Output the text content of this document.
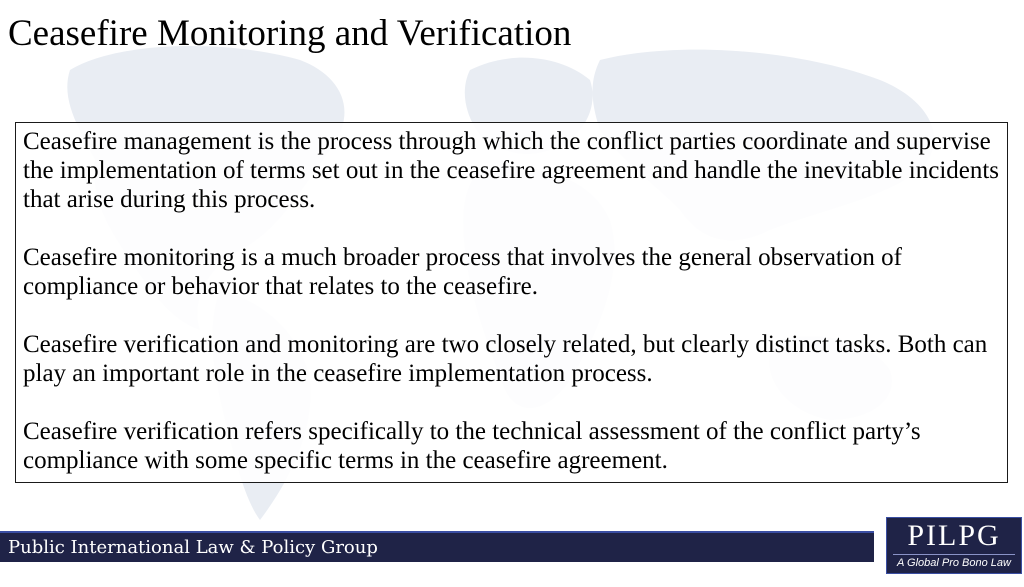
Ceasefire Monitoring and Verification

Ceasefire management is the process through which the conflict parties coordinate and supervise the implementation of terms set out in the ceasefire agreement and handle the inevitable incidents that arise during this process.

Ceasefire monitoring is a much broader process that involves the general observation of compliance or behavior that relates to the ceasefire.

Ceasefire verification and monitoring are two closely related, but clearly distinct tasks. Both can play an important role in the ceasefire implementation process.

Ceasefire verification refers specifically to the technical assessment of the conflict party’s compliance with some specific terms in the ceasefire agreement.

Public International Law & Policy Group	PILPG
A Global Pro Bono Law Firm
